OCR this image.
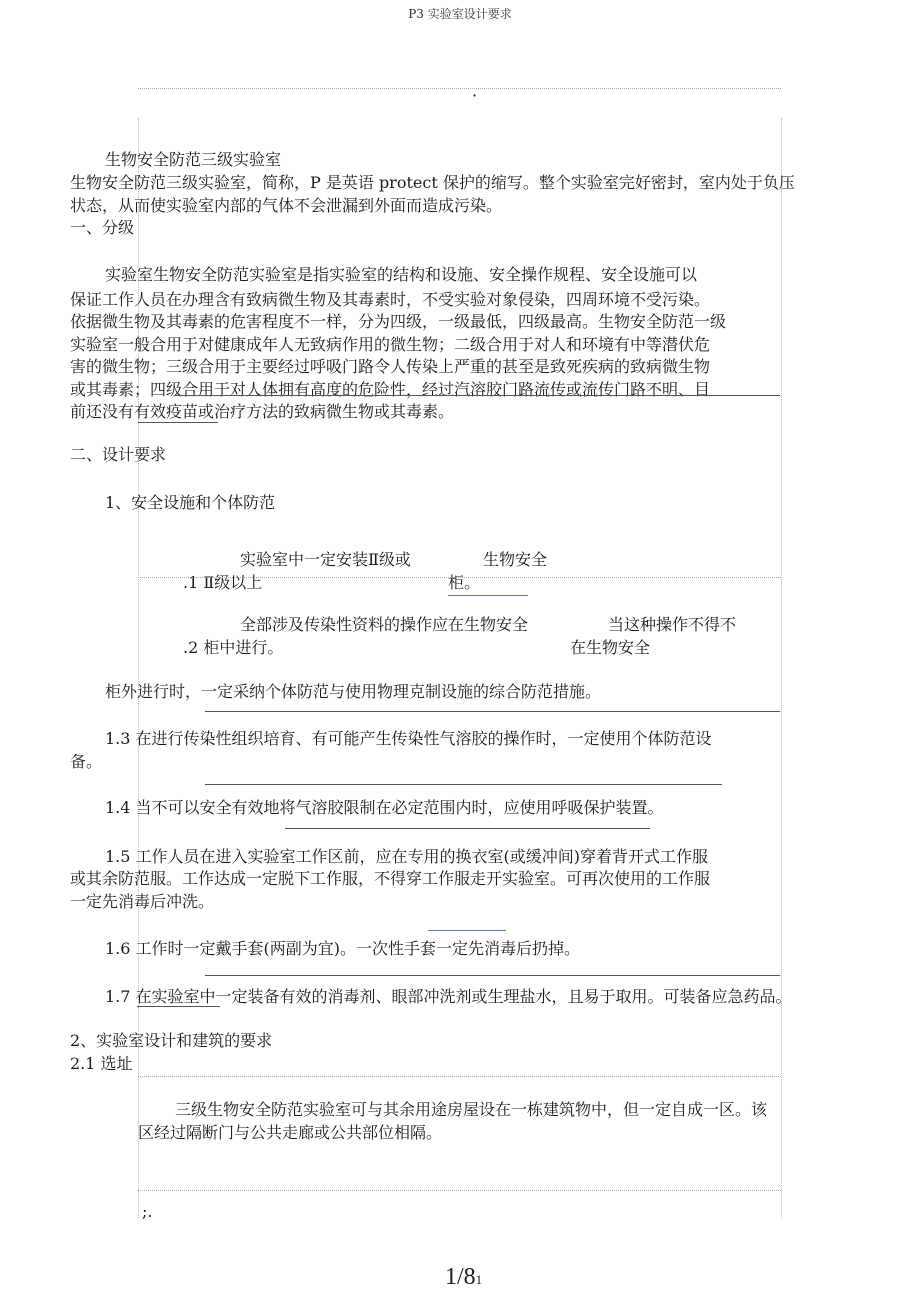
P3 实验室设计要求
·
生物安全防范三级实验室
生物安全防范三级实验室，简称，P 是英语 protect 保护的缩写。整个实验室完好密封，室内处于负压
状态，从而使实验室内部的气体不会泄漏到外面而造成污染。
一、分级
实验室生物安全防范实验室是指实验室的结构和设施、安全操作规程、安全设施可以
保证工作人员在办理含有致病微生物及其毒素时，不受实验对象侵染，四周环境不受污染。
依据微生物及其毒素的危害程度不一样，分为四级，一级最低，四级最高。生物安全防范一级
实验室一般合用于对健康成年人无致病作用的微生物；二级合用于对人和环境有中等潜伏危
害的微生物；三级合用于主要经过呼吸门路令人传染上严重的甚至是致死疾病的致病微生物
或其毒素；四级合用于对人体拥有高度的危险性，经过汽溶胶门路流传或流传门路不明、目
前还没有有效疫苗或治疗方法的致病微生物或其毒素。
二、设计要求
1、安全设施和个体防范
实验室中一定安装Ⅱ级或	生物安全
.1 Ⅱ级以上	柜。
全部涉及传染性资料的操作应在生物安全	当这种操作不得不
.2 柜中进行。	在生物安全
柜外进行时，一定采纳个体防范与使用物理克制设施的综合防范措施。
1.3 在进行传染性组织培育、有可能产生传染性气溶胶的操作时，一定使用个体防范设
备。
1.4 当不可以安全有效地将气溶胶限制在必定范围内时，应使用呼吸保护装置。
1.5 工作人员在进入实验室工作区前，应在专用的换衣室(或缓冲间)穿着背开式工作服
或其余防范服。工作达成一定脱下工作服，不得穿工作服走开实验室。可再次使用的工作服
一定先消毒后冲洗。
1.6 工作时一定戴手套(两副为宜)。一次性手套一定先消毒后扔掉。
1.7 在实验室中一定装备有效的消毒剂、眼部冲洗剂或生理盐水，且易于取用。可装备应急药品。
2、实验室设计和建筑的要求
2.1 选址
三级生物安全防范实验室可与其余用途房屋设在一栋建筑物中，但一定自成一区。该
区经过隔断门与公共走廊或公共部位相隔。
;.
1/81
